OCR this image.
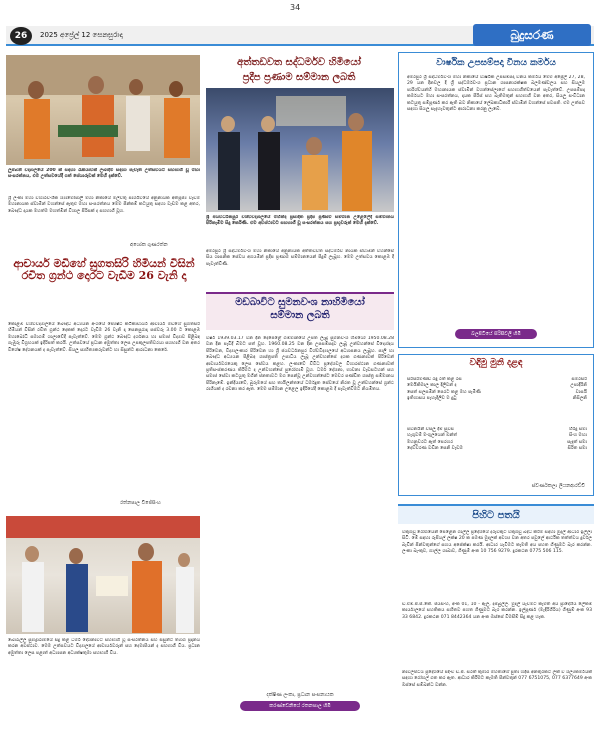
34
26	2025 අප්‍රේල් 12 සෙනසුරාදා	බුදුසරණ
ලුම්බිනී විද්‍යාලයේ 200 ක් සඳහා රැකියාවක් ලබාදීම සඳහා පැවැති උත්සවයට සහභාගී වූ මහා සංඝරත්නය, එම උත්සවයේදී ගත් සේයාරුවක් මෙහි දැක්වේ.
ශ්‍රී ලංකා මහා විහාරවංශික ශ්‍යාමෝපාලි මහා නිකායේ මල්වතු පාර්ශ්වයේ අනුනායක අතිපූජ්‍ය වැඩිම මහානායක ස්වාමීන් වහන්සේ ඇතුළු මහා සංඝරත්නය මෙම පින්කම් කටයුතු සඳහා වැඩම කළ අතර, බෞද්ධ දායක මහත්ම මහත්මීන් විශාල පිරිසක් ද සහභාගී වූහ.
අශෝක ගුණරත්න
අත්තඩවත සද්ධර්මව හිමියෝ
ප්‍රදීප ප්‍රණාම සම්මාන ලබති
ශ්‍රී ජයවර්ධනපුර විශ්වවිද්‍යාලයේ මහින්ද ප්‍රසාදිත ප්‍රදීප ප්‍රණාම සම්මාන උළෙලේදී සම්මානය පිරිනැමීම සිදු කෙරිණි. එම අවස්ථාවට සහභාගී වූ සංඝරත්නය සහ ප්‍රභූවරුන් මෙහි දැක්වේ.
අමරපුර ශ්‍රී සද්ධර්මවංශ මහා නිකායේ අනුනායක අත්තඩවත සද්ධර්මව නායක ස්වාමීන් වහන්සේ සිය ශාසනික සේවය අගයමින් ප්‍රදීප ප්‍රණාම සම්මානයෙන් පිදුම් ලැබූහ. මෙම උත්සවය කොළඹ දී පැවැත්විණි.
වාර්ෂික උපසම්පදා විනය කර්මය
අමරපුර ශ්‍රී සද්ධර්මවංශ මහා නිකායේ වාර්ෂික උපසම්පදා විනය කර්මය මෙම අප්‍රේල් 27, 28, 29 යන දිනවල දී ශ්‍රී සද්ධර්මවංශ ප්‍රධාන ශාසනාරක්ෂක බලමණ්ඩලය සහ සියලුම පාරිශ්වයන්හි මහානායක ස්වාමීන් වහන්සේලාගේ සහභාගීත්වයෙන් පැවැත්වේ. උපසම්පදා කර්මයට මහා සංඝරත්නය, දායක පිරිස් සහ බැතිමතුන් සහභාගී වන අතර, සියලු සංවිධාන කටයුතු සම්පූර්ණ කර ඇති බව නිකායේ ලේඛකාධිකාරී ස්වාමීන් වහන්සේ පවසති. එම උත්සව සඳහා සියලු සැදැහැවතුන්ට ආරාධනා කරනු ලැබේ.
බලපිටියේ සිරිසීවලී හිමි
ආචාර්ය මඩිහේ සුගතසිරි හිමියන් විසින් රචිත ග්‍රන්ථ දොරට වැඩීම 26 වැනි දා
කොළඹ විශ්වවිද්‍යාලයේ බෞද්ධ අධ්‍යයන අංශයේ ජ්‍යෙෂ්ඨ කථිකාචාර්ය ආචාර්ය මඩිහේ සුගතසිරි හිමියන් විසින් රචිත ග්‍රන්ථ දෙකක් දොරට වැඩීම 26 වැනි දා සෙනසුරාදා පස්වරු 3.00 ට කොළඹ මහාබෝධි සමාගම් ශාලාවේදී පැවැත්වේ. මෙම ග්‍රන්ථ බෞද්ධ දර්ශනය හා සමාජ විද්‍යාව පිළිබඳ ගැඹුරු විග්‍රහයක් ඉදිරිපත් කරයි. උත්සවයේ ප්‍රධාන අමුත්තා ලෙස උපකුලපතිවරයා සහභාගී වන අතර විශේෂ දේශනයක් ද පැවැත්වේ. සියලු සාහිත්‍යකරුවන්ට හා සිසුන්ට ආරාධනා කෙරේ.
රත්නපාල විජේසිංහ
බොරැල්ල සුභද්‍රාරාමයේ සිදු කළ ධර්ම දේශනාවට සහභාගී වූ සංඝරත්නය සහ සිසුන්ට ත්‍යාග ප්‍රදානය කරන අවස්ථාව. මෙම උත්සවයට විද්‍යාලයේ ආචාර්යවරුන් සහ දෙමාපියන් ද සහභාගී විය. ප්‍රධාන අමුත්තා ලෙස පළාත් අධ්‍යාපන අධ්‍යක්ෂතුමා සහභාගී විය.
මඩබාවිට සුමනවංශ නාහිමියෝ
සම්මාන ලබති
වර්ෂ 1939.03.17 වන දින දෙපෙළේ ගම්මානයේ උපත ලැබූ සුමනවංශ හිමියෝ 1950.08.28 වන දින පැවිදි බිමට පත් වූහ. 1960.08.25 වන දින උපසම්පදාව ලැබූ උන්වහන්සේ විද්‍යෝදය පිරිවෙන, විද්‍යාලංකාර පිරිවෙන හා ශ්‍රී ජයවර්ධනපුර විශ්වවිද්‍යාලයේ අධ්‍යාපනය ලැබූහ. පාලි හා බෞද්ධ අධ්‍යයන පිළිබඳ ශාස්ත්‍රපති උපාධිය ලැබූ උන්වහන්සේ දශක ගණනාවක් පිරිවෙන් ආචාර්යවරයෙකු ලෙස සේවය කළහ. ලංකාවේ විවිධ ප්‍රදේශවල විහාරස්ථාන ගණනාවක් ප්‍රතිසංස්කරණය කිරීමට ද උන්වහන්සේ පුරෝගාමී වූහ. ධර්ම දේශනා, භාවනා වැඩසටහන් සහ සමාජ සේවා කටයුතු මගින් ජනතාවට මග පෙන්වූ උන්වහන්සේට මෙවර පණ්ඩිත ශාස්ත්‍ර සම්මානය පිරිනැමේ. ඉන්දියාවේ, බුරුමයේ සහ තායිලන්තයේ ධර්මදූත සේවයේ නිරත වූ උන්වහන්සේ ග්‍රන්ථ රාශියක් ද රචනා කර ඇත. මෙම සම්මාන උළෙල ඉදිරියේදී කොළඹ දී පැවැත්වීමට නියමිතය.
දක්ෂිණ ලංකා, ප්‍රධාන සංඝනායක
කරණ්ඩෙනියේ රතනපාල හිමි
වඳිමු මුනි දළඳ
සිරිසිරිමණ්ඩ රඳු රත් කළ රස	සමරසිරි
මෙයිකිමාල කාල දිලිවන් ද	උපාදීරිනි
සෙත් සලසමින් පෙරට කළ මහ පැමිණි	වාසයි
ඉතිහාසය පැහැදිලිව ම දුටු	නිසිලනි
පවනයින් විසිලු දීම් සුවිස	හිරිදු සමා
හැගුවම් මංගුලයෙන් ඔන්ත්	සිංහ මහා
මහනුවරට ඇත් පෙරහර	සැදැත් සමා
දෙව්වරණ වඩින සෙනි වැඩම	සිරිත සමා
ස්වර්ණකලා ලියනආරච්චි
පිහිට පතයි
වකුගඩු රෝගයෙන් පෙළෙන ගාල්ල ප්‍රදේශයේ දරුවකුට වකුගඩු බද්ධ කිරීම සඳහා මුදල් ආධාර ඉල්ලා සිටී. මේ සඳහා රුපියල් ලක්ෂ 20 ක පමණ මුදලක් අවශ්‍ය වන අතර පවුලේ ආර්ථික තත්ත්වය දුර්වල බැවින් පින්වතුන්ගේ සහය අපේක්ෂා කරයි. ආධාර යැවීමට කැමති අය පහත ගිණුමට බැර කරන්න. ලංකා බැංකුව, ගාල්ල ශාඛාව, ගිණුම් අංක 10 756 9279. දුරකථන 0775 506 115.
ඩී.එම්.ජී.සී.කේ. ජයසිංහ, අංක 01, 10 - ඇල, දම්බුල්ල. මුදල් යැවීමට කැමති අය ප්‍රාදේශීය ලේකම් කාර්යාලයේ සහතිකය සහිතව පහත ගිණුමට බැර කරන්න. ඉල්පූර්ණ (මැදිරිගිරිය) ගිණුම් අංක 93 33 6842. දුරකථන 071 8442364 යන අංක ඔස්සේ විමසීම් සිදු කළ හැක.
නාවලපිටිය ප්‍රදේශයේ පදිංචි ඩී.ජී. සරත් කුමාර මහතාගේ පුතා හදිසි අනතුරකට ලක් වී ශල්‍යකර්මයක් සඳහා රෝහල් ගත කර ඇත. ආධාර කිරීමට කැමති පින්වතුන් 077 6751075, 077 6377649 අංක ඔස්සේ සම්බන්ධ වන්න.
